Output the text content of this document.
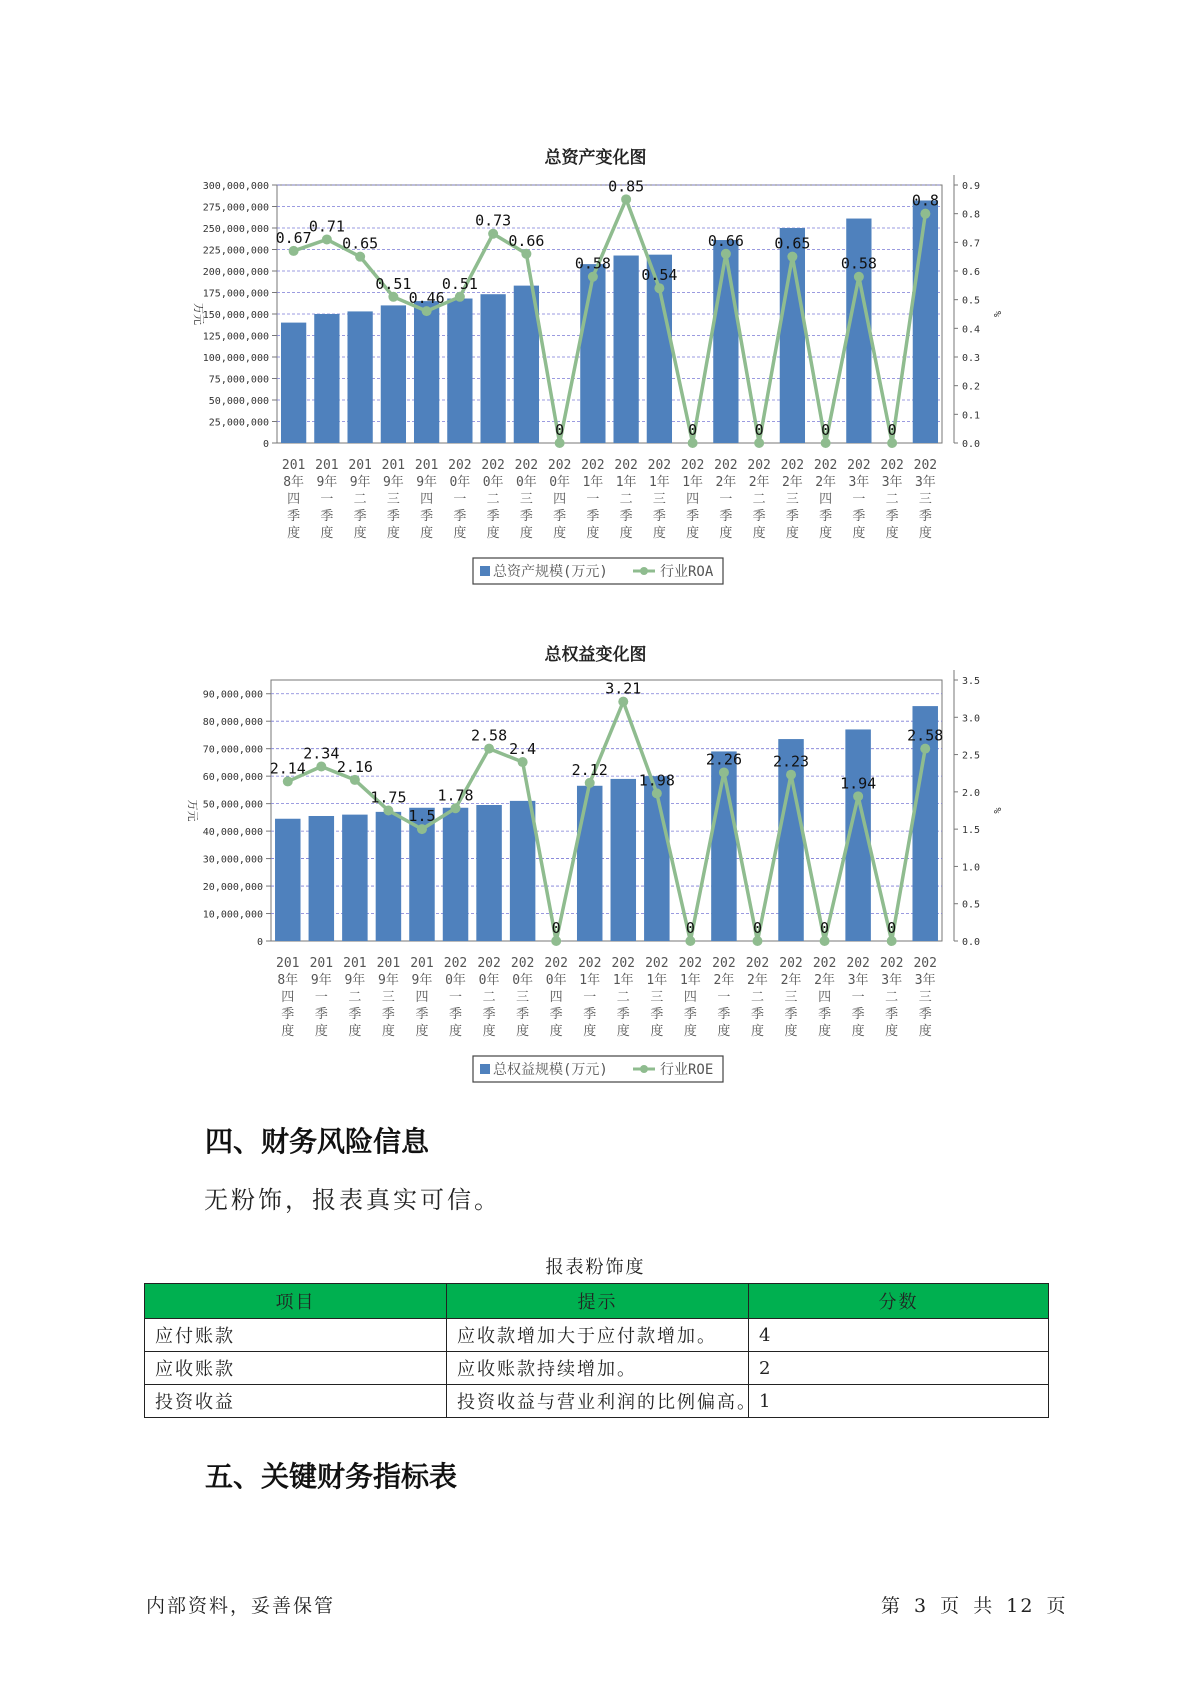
总资产变化图
300,000,000
275,000,000
250,000,000
225,000,000
200,000,000
175,000,000
150,000,000
125,000,000
100,000,000
75,000,000
50,000,000
25,000,000
0
0.9
0.8
0.7
0.6
0.5
0.4
0.3
0.2
0.1
0.0
万元	%
0.67
0.71
0.65
0.51
0.46
0.51
0.73
0.66
0
0.58
0.85
0.54
0
0.66
0
0.65
0
0.58
0
0.8
201
8年
四
季
度
201
9年
一
季
度
201
9年
二
季
度
201
9年
三
季
度
201
9年
四
季
度
202
0年
一
季
度
202
0年
二
季
度
202
0年
三
季
度
202
0年
四
季
度
202
1年
一
季
度
202
1年
二
季
度
202
1年
三
季
度
202
1年
四
季
度
202
2年
一
季
度
202
2年
二
季
度
202
2年
三
季
度
202
2年
四
季
度
202
3年
一
季
度
202
3年
二
季
度
202
3年
三
季
度
总资产规模(万元)	行业ROA
总权益变化图
90,000,000
80,000,000
70,000,000
60,000,000
50,000,000
40,000,000
30,000,000
20,000,000
10,000,000
0
3.5
3.0
2.5
2.0
1.5
1.0
0.5
0.0
万元	%
2.14
2.34
2.16
1.75
1.5
1.78
2.58
2.4
0
2.12
3.21
1.98
0
2.26
0
2.23
0
1.94
0
2.58
201
8年
四
季
度
201
9年
一
季
度
201
9年
二
季
度
201
9年
三
季
度
201
9年
四
季
度
202
0年
一
季
度
202
0年
二
季
度
202
0年
三
季
度
202
0年
四
季
度
202
1年
一
季
度
202
1年
二
季
度
202
1年
三
季
度
202
1年
四
季
度
202
2年
一
季
度
202
2年
二
季
度
202
2年
三
季
度
202
2年
四
季
度
202
3年
一
季
度
202
3年
二
季
度
202
3年
三
季
度
总权益规模(万元)	行业ROE
四、财务风险信息
无粉饰，报表真实可信。
报表粉饰度
项目	提示	分数
应付账款	应收款增加大于应付款增加。	4
应收账款	应收账款持续增加。	2
投资收益	投资收益与营业利润的比例偏高。	1
五、关键财务指标表
内部资料，妥善保管	第 3 页 共 12 页
